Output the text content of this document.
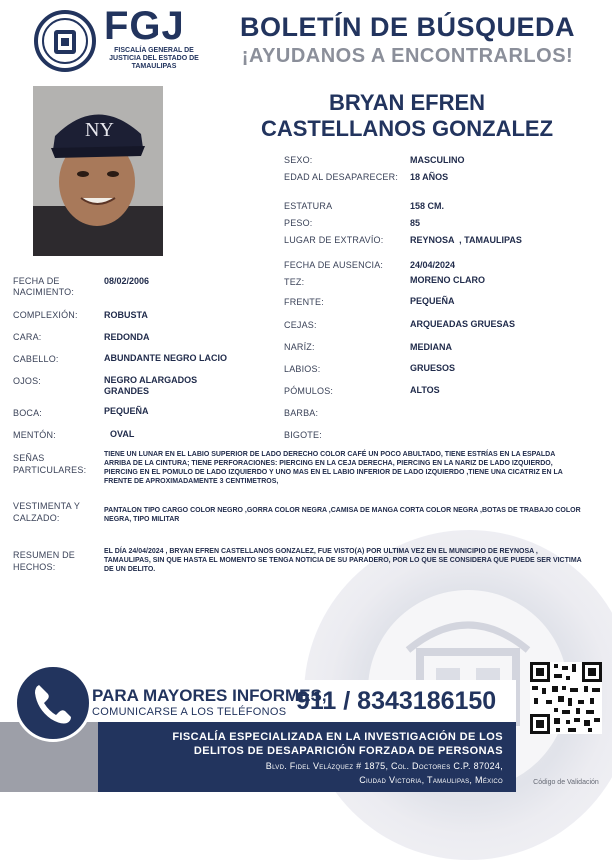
FGJ
FISCALÍA GENERAL DE JUSTICIA DEL ESTADO DE TAMAULIPAS
BOLETÍN DE BÚSQUEDA
¡AYUDANOS A ENCONTRARLOS!
NY
BRYAN EFREN
CASTELLANOS GONZALEZ
SEXO:	MASCULINO
EDAD AL DESAPARECER: 18 AÑOS
ESTATURA	158 CM.
PESO:	85
LUGAR DE EXTRAVÍO:	REYNOSA  , TAMAULIPAS
FECHA DE AUSENCIA:	24/04/2024
TEZ:	MORENO CLARO
FRENTE:	PEQUEÑA
CEJAS:	ARQUEADAS GRUESAS
NARÍZ:	MEDIANA
LABIOS:	GRUESOS
PÓMULOS:	ALTOS
BARBA:
BIGOTE:
FECHA DE NACIMIENTO:
08/02/2006
COMPLEXIÓN:	ROBUSTA
CARA:	REDONDA
CABELLO:	ABUNDANTE NEGRO LACIO
OJOS:	NEGRO ALARGADOS GRANDES
BOCA:	PEQUEÑA
MENTÓN:	OVAL
SEÑAS PARTICULARES:
TIENE UN LUNAR EN EL LABIO SUPERIOR DE LADO DERECHO COLOR CAFÉ UN POCO ABULTADO, TIENE ESTRÍAS EN LA ESPALDA ARRIBA DE LA CINTURA; TIENE PERFORACIONES: PIERCING EN LA CEJA DERECHA, PIERCING EN LA NARIZ DE LADO IZQUIERDO, PIERCING EN EL POMULO DE LADO IZQUIERDO Y UNO MAS EN EL LABIO INFERIOR DE LADO IZQUIERDO ,TIENE UNA CICATRIZ EN LA FRENTE DE APROXIMADAMENTE 3 CENTIMETROS,
VESTIMENTA Y CALZADO:
PANTALON TIPO CARGO COLOR NEGRO ,GORRA COLOR NEGRA ,CAMISA DE MANGA CORTA COLOR NEGRA ,BOTAS DE TRABAJO COLOR NEGRA, TIPO MILITAR
RESUMEN DE HECHOS:
EL DÍA 24/04/2024 , BRYAN EFREN CASTELLANOS GONZALEZ, FUE VISTO(A) POR ULTIMA VEZ EN EL MUNICIPIO DE REYNOSA , TAMAULIPAS, SIN QUE HASTA EL MOMENTO SE TENGA NOTICIA DE SU PARADERO, POR LO QUE SE CONSIDERA QUE PUEDE SER VICTIMA DE UN DELITO.
PARA MAYORES INFORMES,
COMUNICARSE A LOS TELÉFONOS 911 / 8343186150
FISCALÍA ESPECIALIZADA EN LA INVESTIGACIÓN DE LOS
DELITOS DE DESAPARICIÓN FORZADA DE PERSONAS
Blvd. Fidel Velázquez # 1875, Col. Doctores C.P. 87024,
Ciudad Victoria, Tamaulipas, México	Código de Validación
